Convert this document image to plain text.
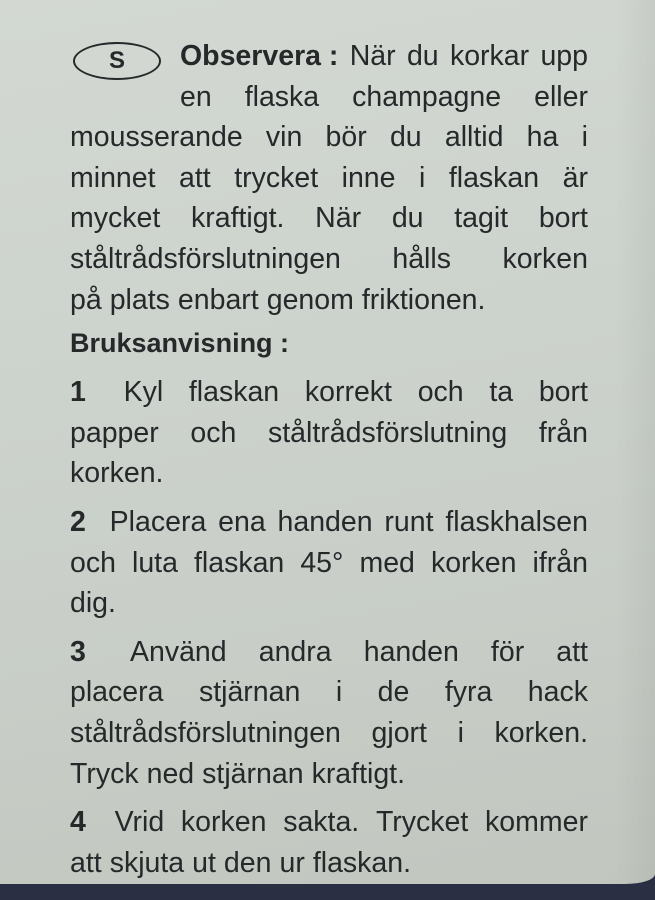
S	Observera : När du korkar upp
en flaska champagne eller
mousserande vin bör du alltid ha i
minnet att trycket inne i flaskan är
mycket kraftigt. När du tagit bort
ståltrådsförslutningen hålls korken
på plats enbart genom friktionen.
Bruksanvisning :
1 Kyl flaskan korrekt och ta bort
papper och ståltrådsförslutning från
korken.
2 Placera ena handen runt flaskhalsen
och luta flaskan 45° med korken ifrån
dig.
3 Använd andra handen för att
placera stjärnan i de fyra hack
ståltrådsförslutningen gjort i korken.
Tryck ned stjärnan kraftigt.
4 Vrid korken sakta. Trycket kommer
att skjuta ut den ur flaskan.
